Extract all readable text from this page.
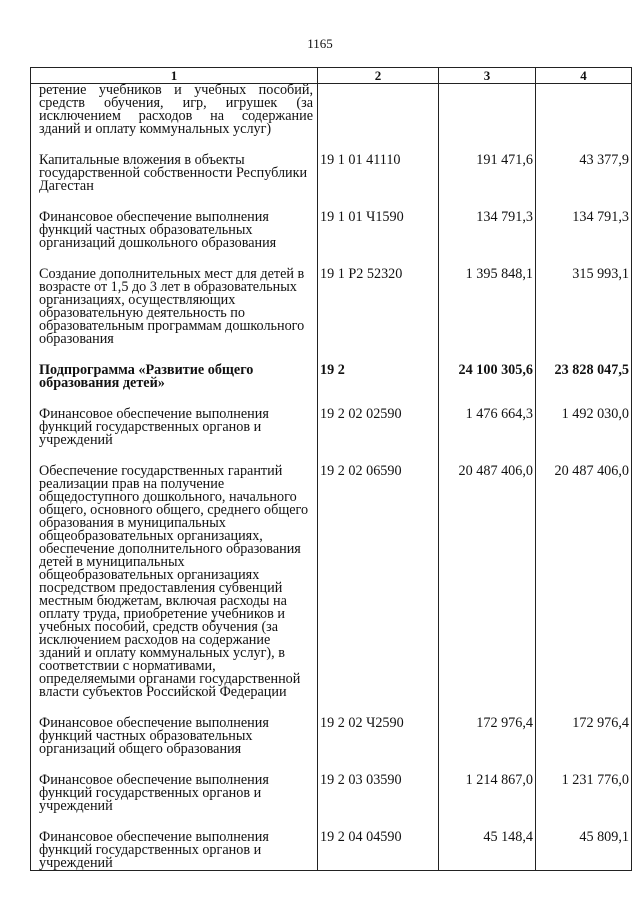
1165
1	2	3	4
ретение учебников и учебных пособий, средств обучения, игр, игрушек (за исключением расходов на содержание зданий и оплату коммунальных услуг)			

Капитальные вложения в объекты государственной собственности Республики Дагестан	19 1 01 41110	191 471,6	43 377,9

Финансовое обеспечение выполнения функций частных образовательных организаций дошкольного образования	19 1 01 Ч1590	134 791,3	134 791,3

Создание дополнительных мест для детей в возрасте от 1,5 до 3 лет в образовательных организациях, осуществляющих образовательную деятельность по образовательным программам дошкольного образования	19 1 P2 52320	1 395 848,1	315 993,1

Подпрограмма «Развитие общего образования детей»	19 2	24 100 305,6	23 828 047,5

Финансовое обеспечение выполнения функций государственных органов и учреждений	19 2 02 02590	1 476 664,3	1 492 030,0

Обеспечение государственных гарантий реализации прав на получение общедоступного дошкольного, начального общего, основного общего, среднего общего образования в муниципальных общеобразовательных организациях, обеспечение дополнительного образования детей в муниципальных общеобразовательных организациях посредством предоставления субвенций местным бюджетам, включая расходы на оплату труда, приобретение учебников и учебных пособий, средств обучения (за исключением расходов на содержание зданий и оплату коммунальных услуг), в соответствии с нормативами, определяемыми органами государственной власти субъектов Российской Федерации	19 2 02 06590	20 487 406,0	20 487 406,0

Финансовое обеспечение выполнения функций частных образовательных организаций общего образования	19 2 02 Ч2590	172 976,4	172 976,4

Финансовое обеспечение выполнения функций государственных органов и учреждений	19 2 03 03590	1 214 867,0	1 231 776,0

Финансовое обеспечение выполнения функций государственных органов и учреждений	19 2 04 04590	45 148,4	45 809,1
